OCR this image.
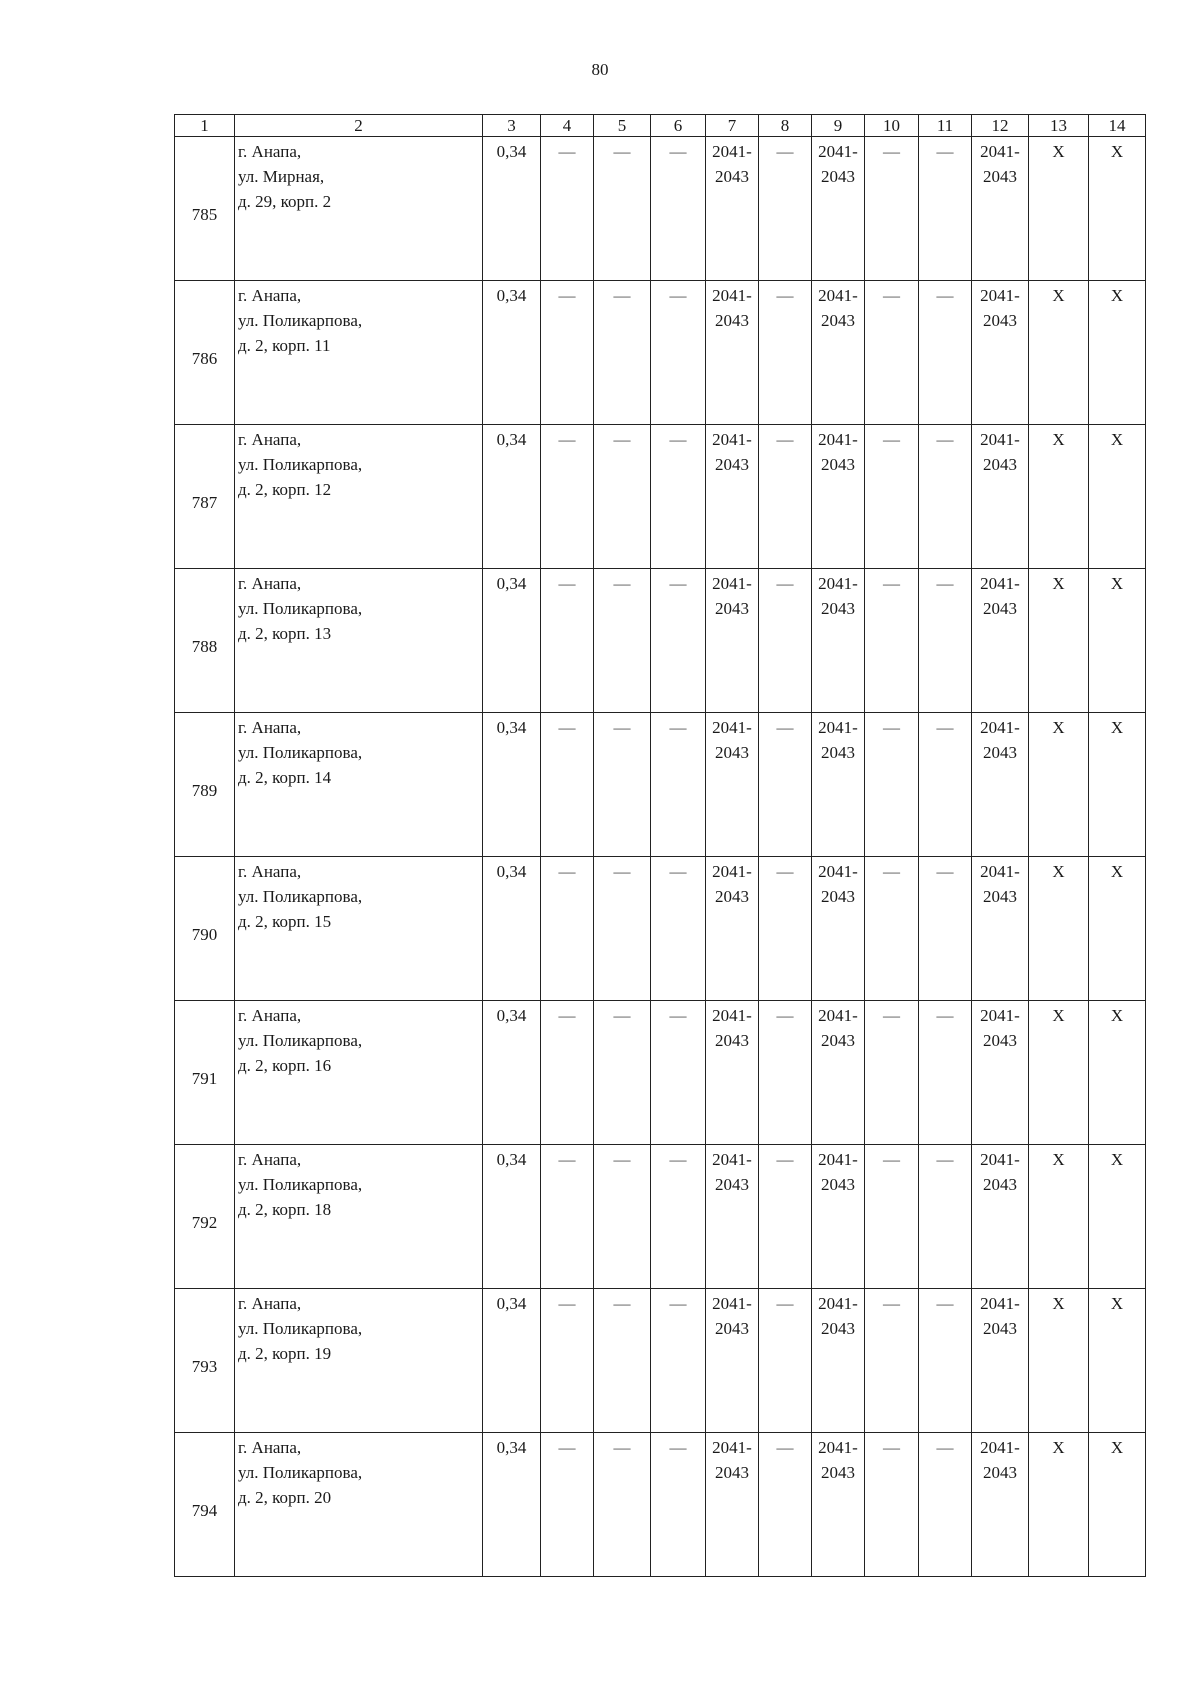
80
1	2	3	4	5	6	7	8	9	10	11	12	13	14
785	г. Анапа,
ул. Мирная,
д. 29, корп. 2	0,34	—	—	—	2041-
2043	—	2041-
2043	—	—	2041-
2043	Х	Х
786	г. Анапа,
ул. Поликарпова,
д. 2, корп. 11	0,34	—	—	—	2041-
2043	—	2041-
2043	—	—	2041-
2043	Х	Х
787	г. Анапа,
ул. Поликарпова,
д. 2, корп. 12	0,34	—	—	—	2041-
2043	—	2041-
2043	—	—	2041-
2043	Х	Х
788	г. Анапа,
ул. Поликарпова,
д. 2, корп. 13	0,34	—	—	—	2041-
2043	—	2041-
2043	—	—	2041-
2043	Х	Х
789	г. Анапа,
ул. Поликарпова,
д. 2, корп. 14	0,34	—	—	—	2041-
2043	—	2041-
2043	—	—	2041-
2043	Х	Х
790	г. Анапа,
ул. Поликарпова,
д. 2, корп. 15	0,34	—	—	—	2041-
2043	—	2041-
2043	—	—	2041-
2043	Х	Х
791	г. Анапа,
ул. Поликарпова,
д. 2, корп. 16	0,34	—	—	—	2041-
2043	—	2041-
2043	—	—	2041-
2043	Х	Х
792	г. Анапа,
ул. Поликарпова,
д. 2, корп. 18	0,34	—	—	—	2041-
2043	—	2041-
2043	—	—	2041-
2043	Х	Х
793	г. Анапа,
ул. Поликарпова,
д. 2, корп. 19	0,34	—	—	—	2041-
2043	—	2041-
2043	—	—	2041-
2043	Х	Х
794	г. Анапа,
ул. Поликарпова,
д. 2, корп. 20	0,34	—	—	—	2041-
2043	—	2041-
2043	—	—	2041-
2043	Х	Х
